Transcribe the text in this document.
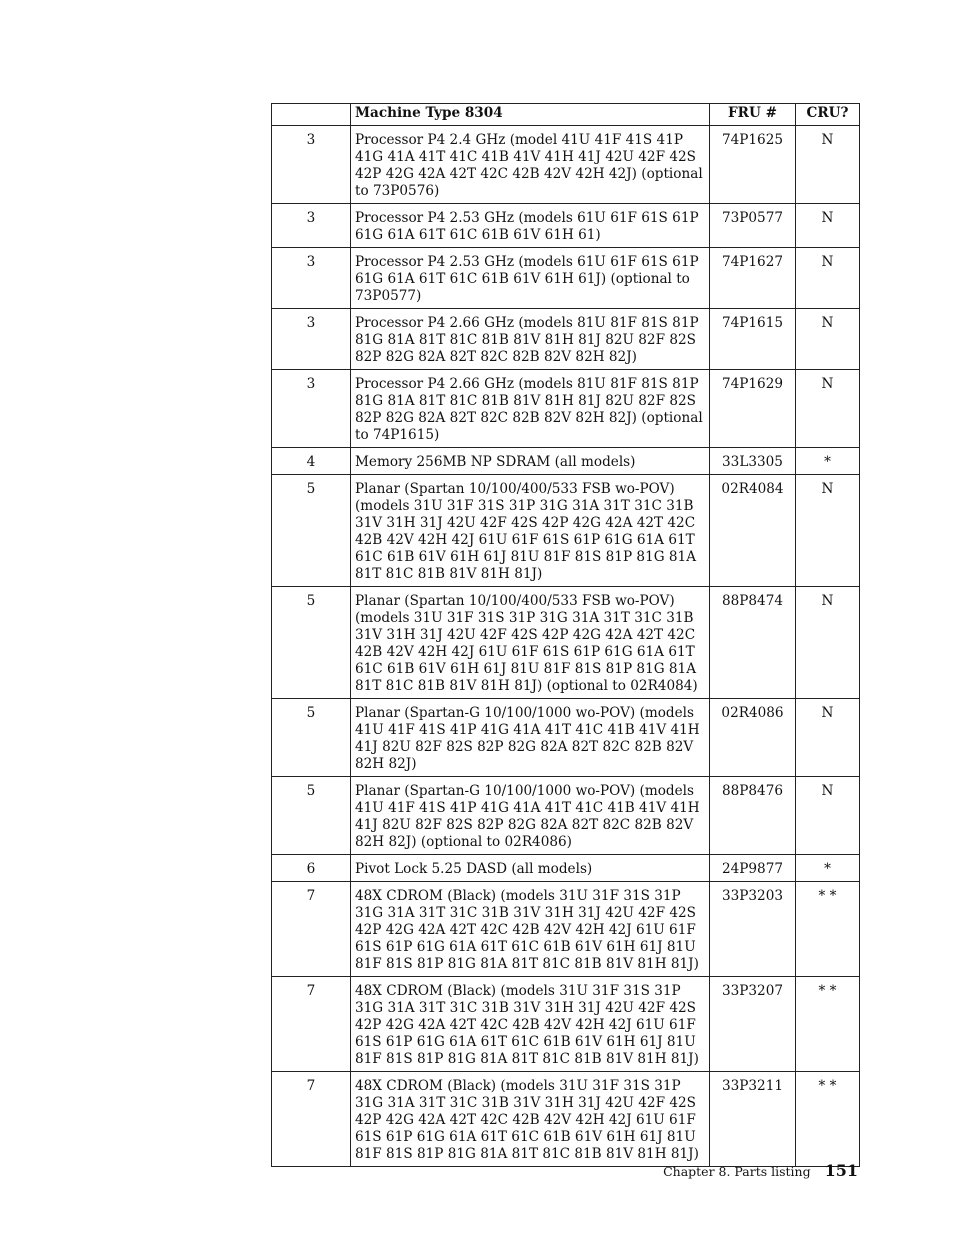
	Machine Type 8304	FRU #	CRU?
3	Processor P4 2.4 GHz (model 41U 41F 41S 41P 41G 41A 41T 41C 41B 41V 41H 41J 42U 42F 42S 42P 42G 42A 42T 42C 42B 42V 42H 42J) (optional to 73P0576)	74P1625	N
3	Processor P4 2.53 GHz (models 61U 61F 61S 61P 61G 61A 61T 61C 61B 61V 61H 61)	73P0577	N
3	Processor P4 2.53 GHz (models 61U 61F 61S 61P 61G 61A 61T 61C 61B 61V 61H 61J) (optional to 73P0577)	74P1627	N
3	Processor P4 2.66 GHz (models 81U 81F 81S 81P 81G 81A 81T 81C 81B 81V 81H 81J 82U 82F 82S 82P 82G 82A 82T 82C 82B 82V 82H 82J)	74P1615	N
3	Processor P4 2.66 GHz (models 81U 81F 81S 81P 81G 81A 81T 81C 81B 81V 81H 81J 82U 82F 82S 82P 82G 82A 82T 82C 82B 82V 82H 82J) (optional to 74P1615)	74P1629	N
4	Memory 256MB NP SDRAM (all models)	33L3305	*
5	Planar (Spartan 10/100/400/533 FSB wo-POV) (models 31U 31F 31S 31P 31G 31A 31T 31C 31B 31V 31H 31J 42U 42F 42S 42P 42G 42A 42T 42C 42B 42V 42H 42J 61U 61F 61S 61P 61G 61A 61T 61C 61B 61V 61H 61J 81U 81F 81S 81P 81G 81A 81T 81C 81B 81V 81H 81J)	02R4084	N
5	Planar (Spartan 10/100/400/533 FSB wo-POV) (models 31U 31F 31S 31P 31G 31A 31T 31C 31B 31V 31H 31J 42U 42F 42S 42P 42G 42A 42T 42C 42B 42V 42H 42J 61U 61F 61S 61P 61G 61A 61T 61C 61B 61V 61H 61J 81U 81F 81S 81P 81G 81A 81T 81C 81B 81V 81H 81J) (optional to 02R4084)	88P8474	N
5	Planar (Spartan-G 10/100/1000 wo-POV) (models 41U 41F 41S 41P 41G 41A 41T 41C 41B 41V 41H 41J 82U 82F 82S 82P 82G 82A 82T 82C 82B 82V 82H 82J)	02R4086	N
5	Planar (Spartan-G 10/100/1000 wo-POV) (models 41U 41F 41S 41P 41G 41A 41T 41C 41B 41V 41H 41J 82U 82F 82S 82P 82G 82A 82T 82C 82B 82V 82H 82J) (optional to 02R4086)	88P8476	N
6	Pivot Lock 5.25 DASD (all models)	24P9877	*
7	48X CDROM (Black) (models 31U 31F 31S 31P 31G 31A 31T 31C 31B 31V 31H 31J 42U 42F 42S 42P 42G 42A 42T 42C 42B 42V 42H 42J 61U 61F 61S 61P 61G 61A 61T 61C 61B 61V 61H 61J 81U 81F 81S 81P 81G 81A 81T 81C 81B 81V 81H 81J)	33P3203	* *
7	48X CDROM (Black) (models 31U 31F 31S 31P 31G 31A 31T 31C 31B 31V 31H 31J 42U 42F 42S 42P 42G 42A 42T 42C 42B 42V 42H 42J 61U 61F 61S 61P 61G 61A 61T 61C 61B 61V 61H 61J 81U 81F 81S 81P 81G 81A 81T 81C 81B 81V 81H 81J)	33P3207	* *
7	48X CDROM (Black) (models 31U 31F 31S 31P 31G 31A 31T 31C 31B 31V 31H 31J 42U 42F 42S 42P 42G 42A 42T 42C 42B 42V 42H 42J 61U 61F 61S 61P 61G 61A 61T 61C 61B 61V 61H 61J 81U 81F 81S 81P 81G 81A 81T 81C 81B 81V 81H 81J)	33P3211	* *
Chapter 8. Parts listing 151
